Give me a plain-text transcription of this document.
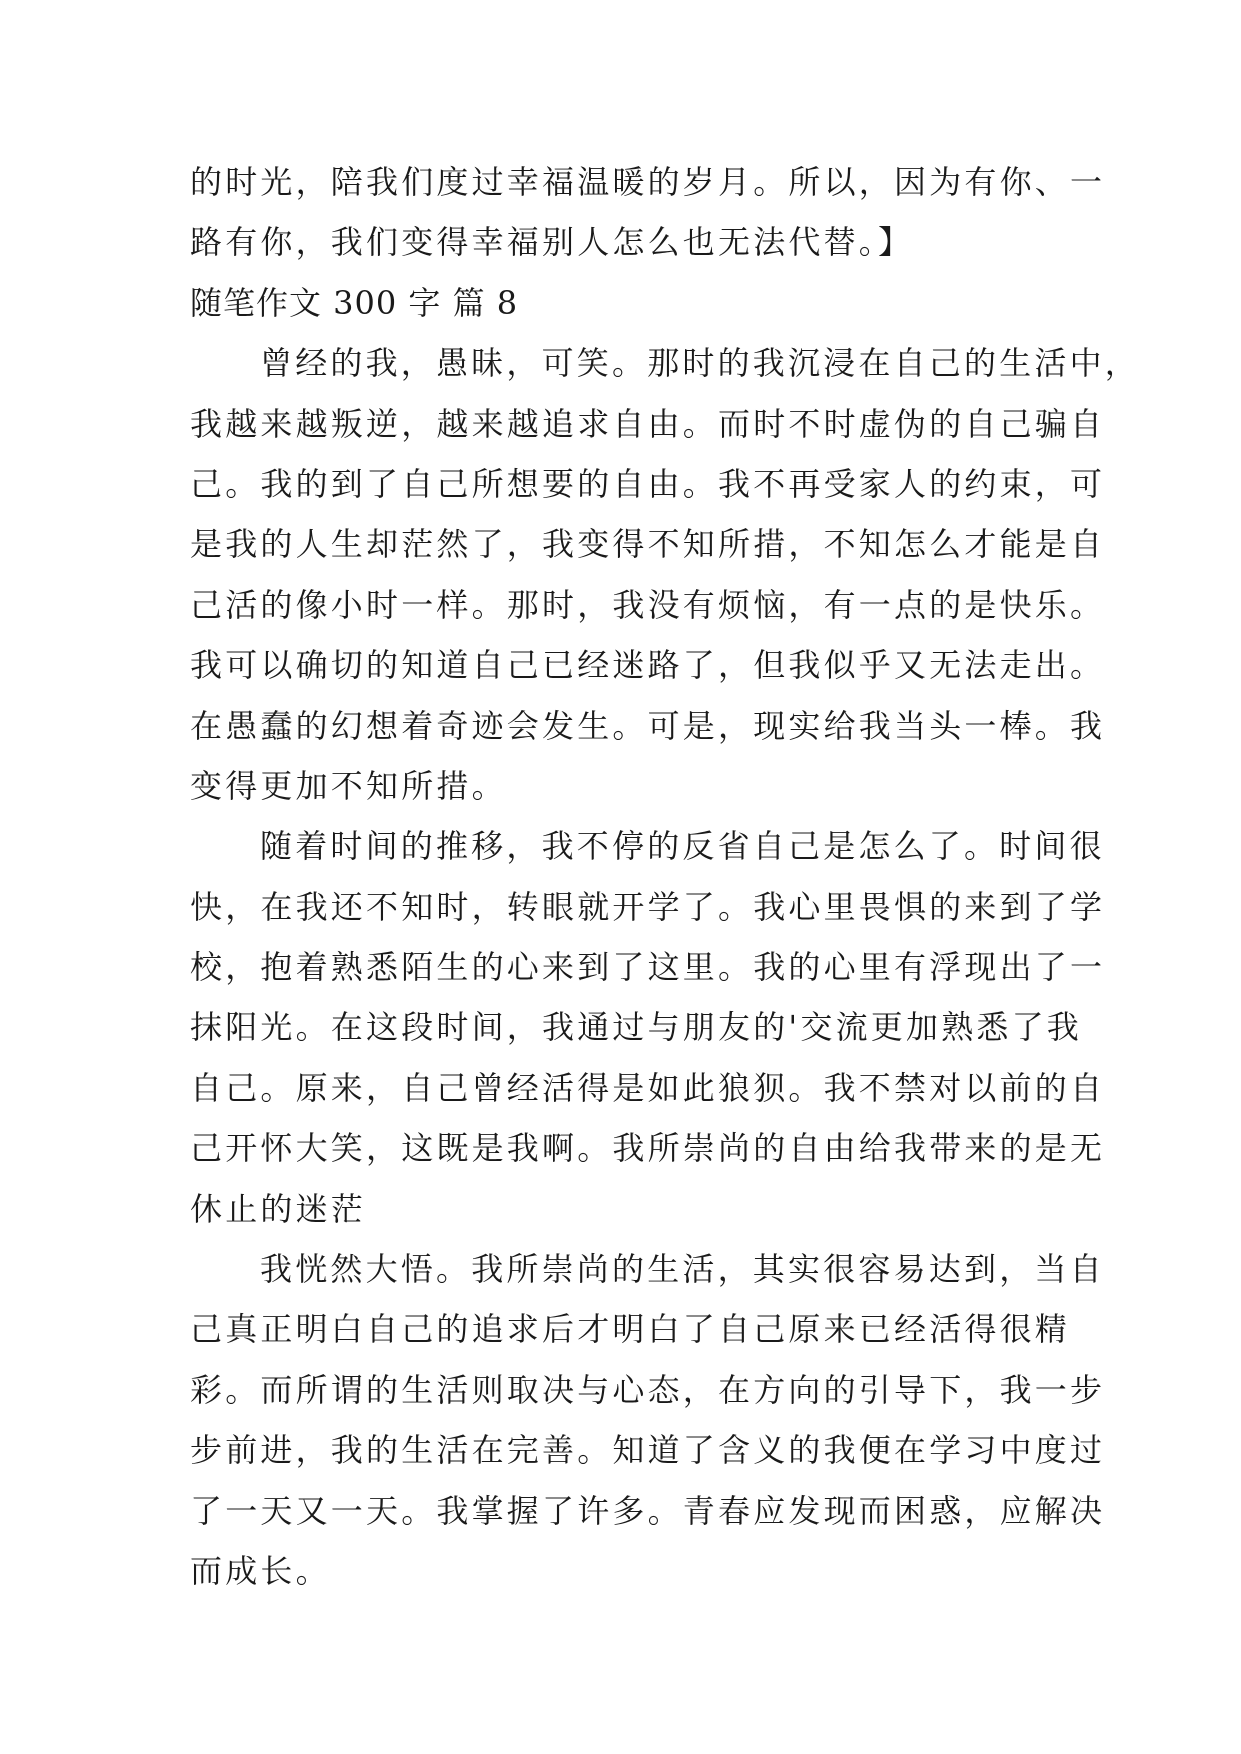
的时光，陪我们度过幸福温暖的岁月。所以，因为有你、一
路有你，我们变得幸福别人怎么也无法代替。】
随笔作文 300 字 篇 8
曾经的我，愚昧，可笑。那时的我沉浸在自己的生活中，
我越来越叛逆，越来越追求自由。而时不时虚伪的自己骗自
己。我的到了自己所想要的自由。我不再受家人的约束，可
是我的人生却茫然了，我变得不知所措，不知怎么才能是自
己活的像小时一样。那时，我没有烦恼，有一点的是快乐。
我可以确切的知道自己已经迷路了，但我似乎又无法走出。
在愚蠢的幻想着奇迹会发生。可是，现实给我当头一棒。我
变得更加不知所措。
随着时间的推移，我不停的反省自己是怎么了。时间很
快，在我还不知时，转眼就开学了。我心里畏惧的来到了学
校，抱着熟悉陌生的心来到了这里。我的心里有浮现出了一
抹阳光。在这段时间，我通过与朋友的'交流更加熟悉了我
自己。原来，自己曾经活得是如此狼狈。我不禁对以前的自
己开怀大笑，这既是我啊。我所崇尚的自由给我带来的是无
休止的迷茫
我恍然大悟。我所崇尚的生活，其实很容易达到，当自
己真正明白自己的追求后才明白了自己原来已经活得很精
彩。而所谓的生活则取决与心态，在方向的引导下，我一步
步前进，我的生活在完善。知道了含义的我便在学习中度过
了一天又一天。我掌握了许多。青春应发现而困惑，应解决
而成长。
